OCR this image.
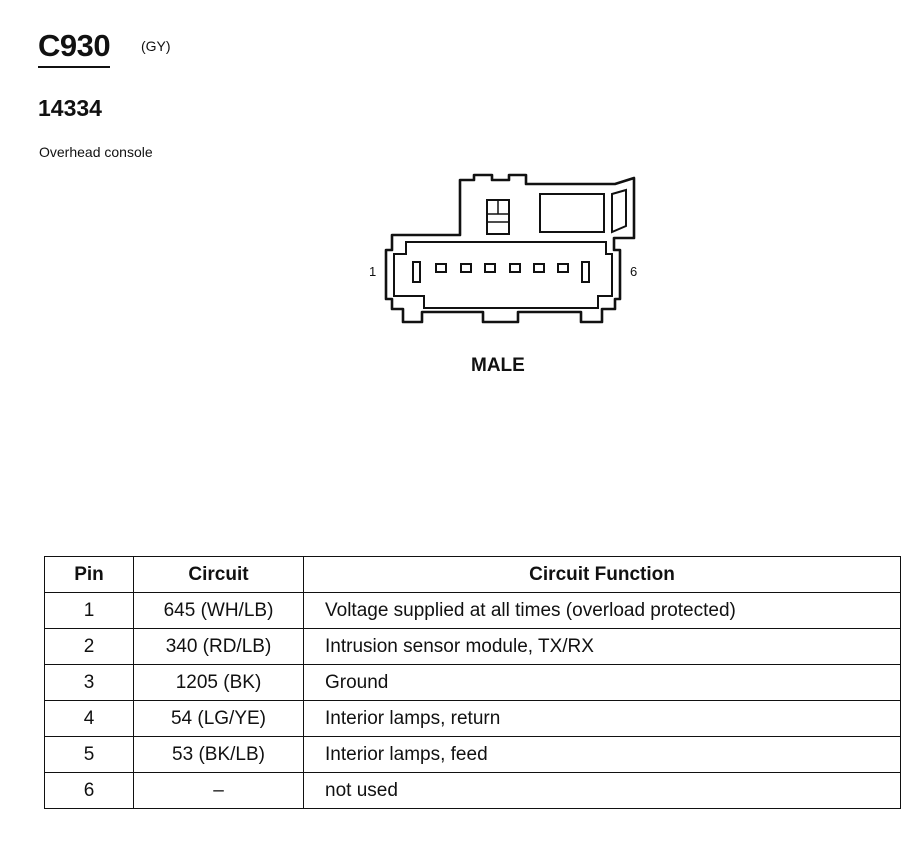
C930 (GY)
14334
Overhead console
1	6
MALE
Pin	Circuit	Circuit Function
1	645 (WH/LB)	Voltage supplied at all times (overload protected)
2	340 (RD/LB)	Intrusion sensor module, TX/RX
3	1205 (BK)	Ground
4	54 (LG/YE)	Interior lamps, return
5	53 (BK/LB)	Interior lamps, feed
6	–	not used
